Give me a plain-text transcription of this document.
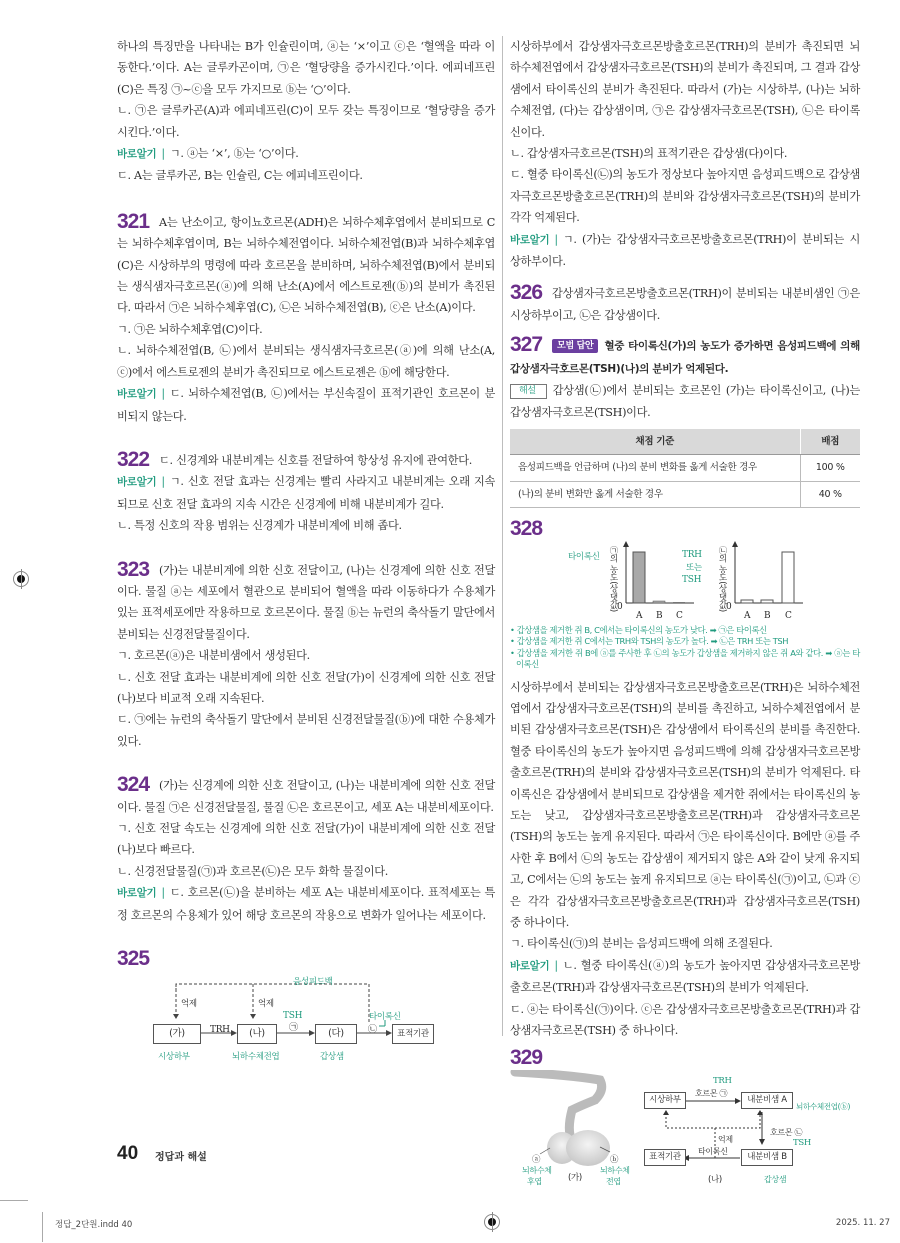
하나의 특징만을 나타내는 B가 인슐린이며, ⓐ는 ‘×’이고 ⓒ은 ‘혈액을 따라 이동한다.’이다. A는 글루카곤이며, ㉠은 ‘혈당량을 증가시킨다.’이다. 에피네프린(C)은 특징 ㉠~ⓒ을 모두 가지므로 ⓑ는 ‘○’이다.

ㄴ. ㉠은 글루카곤(A)과 에피네프린(C)이 모두 갖는 특징이므로 ‘혈당량을 증가시킨다.’이다.

바로알기 | ㄱ. ⓐ는 ‘×’, ⓑ는 ‘○’이다.

ㄷ. A는 글루카곤, B는 인슐린, C는 에피네프린이다.

321 A는 난소이고, 항이뇨호르몬(ADH)은 뇌하수체후엽에서 분비되므로 C는 뇌하수체후엽이며, B는 뇌하수체전엽이다. 뇌하수체전엽(B)과 뇌하수체후엽(C)은 시상하부의 명령에 따라 호르몬을 분비하며, 뇌하수체전엽(B)에서 분비되는 생식샘자극호르몬(ⓐ)에 의해 난소(A)에서 에스트로젠(ⓑ)의 분비가 촉진된다. 따라서 ㉠은 뇌하수체후엽(C), ㉡은 뇌하수체전엽(B), ⓒ은 난소(A)이다.

ㄱ. ㉠은 뇌하수체후엽(C)이다.

ㄴ. 뇌하수체전엽(B, ㉡)에서 분비되는 생식샘자극호르몬(ⓐ)에 의해 난소(A, ⓒ)에서 에스트로젠의 분비가 촉진되므로 에스트로젠은 ⓑ에 해당한다.

바로알기 | ㄷ. 뇌하수체전엽(B, ㉡)에서는 부신속질이 표적기관인 호르몬이 분비되지 않는다.

322 ㄷ. 신경계와 내분비계는 신호를 전달하여 항상성 유지에 관여한다.

바로알기 | ㄱ. 신호 전달 효과는 신경계는 빨리 사라지고 내분비계는 오래 지속되므로 신호 전달 효과의 지속 시간은 신경계에 비해 내분비계가 길다.

ㄴ. 특정 신호의 작용 범위는 신경계가 내분비계에 비해 좁다.

323 (가)는 내분비계에 의한 신호 전달이고, (나)는 신경계에 의한 신호 전달이다. 물질 ⓐ는 세포에서 혈관으로 분비되어 혈액을 따라 이동하다가 수용체가 있는 표적세포에만 작용하므로 호르몬이다. 물질 ⓑ는 뉴런의 축삭돌기 말단에서 분비되는 신경전달물질이다.

ㄱ. 호르몬(ⓐ)은 내분비샘에서 생성된다.

ㄴ. 신호 전달 효과는 내분비계에 의한 신호 전달(가)이 신경계에 의한 신호 전달(나)보다 비교적 오래 지속된다.

ㄷ. ㉠에는 뉴런의 축삭돌기 말단에서 분비된 신경전달물질(ⓑ)에 대한 수용체가 있다.

324 (가)는 신경계에 의한 신호 전달이고, (나)는 내분비계에 의한 신호 전달이다. 물질 ㉠은 신경전달물질, 물질 ㉡은 호르몬이고, 세포 A는 내분비세포이다.

ㄱ. 신호 전달 속도는 신경계에 의한 신호 전달(가)이 내분비계에 의한 신호 전달(나)보다 빠르다.

ㄴ. 신경전달물질(㉠)과 호르몬(㉡)은 모두 화학 물질이다.

바로알기 | ㄷ. 호르몬(㉡)을 분비하는 세포 A는 내분비세포이다. 표적세포는 특정 호르몬의 수용체가 있어 해당 호르몬의 작용으로 변화가 일어나는 세포이다.

325

음성피드백
억제	억제
(가)	(나)	(다)	표적기관
TRH
TSH
㉠	㉡
타이록신
시상하부	뇌하수체전엽	갑상샘

시상하부에서 갑상샘자극호르몬방출호르몬(TRH)의 분비가 촉진되면 뇌하수체전엽에서 갑상샘자극호르몬(TSH)의 분비가 촉진되며, 그 결과 갑상샘에서 타이록신의 분비가 촉진된다. 따라서 (가)는 시상하부, (나)는 뇌하수체전엽, (다)는 갑상샘이며, ㉠은 갑상샘자극호르몬(TSH), ㉡은 타이록신이다.

ㄴ. 갑상샘자극호르몬(TSH)의 표적기관은 갑상샘(다)이다.

ㄷ. 혈중 타이록신(㉡)의 농도가 정상보다 높아지면 음성피드백으로 갑상샘자극호르몬방출호르몬(TRH)의 분비와 갑상샘자극호르몬(TSH)의 분비가 각각 억제된다.

바로알기 | ㄱ. (가)는 갑상샘자극호르몬방출호르몬(TRH)이 분비되는 시상하부이다.

326 갑상샘자극호르몬방출호르몬(TRH)이 분비되는 내분비샘인 ㉠은 시상하부이고, ㉡은 갑상샘이다.

327 모범 답안 혈중 타이록신(가)의 농도가 증가하면 음성피드백에 의해 갑상샘자극호르몬(TSH)(나)의 분비가 억제된다.

해설 갑상샘(㉡)에서 분비되는 호르몬인 (가)는 타이록신이고, (나)는 갑상샘자극호르몬(TSH)이다.

채점 기준	배점
음성피드백을 언급하며 (나)의 분비 변화를 옳게 서술한 경우	100 %
(나)의 분비 변화만 옳게 서술한 경우	40 %

328

타이록신 ㉠의 농도(상댓값) 0
A B C
TRH
또는
TSH ㉡의 농도(상댓값) 0
A B C
• 갑상샘을 제거한 쥐 B, C에서는 타이록신의 농도가 낮다. ➡ ㉠은 타이록신
• 갑상샘을 제거한 쥐 C에서는 TRH와 TSH의 농도가 높다. ➡ ㉡은 TRH 또는 TSH
• 갑상샘을 제거한 쥐 B에 ⓐ를 주사한 후 ㉡의 농도가 갑상샘을 제거하지 않은 쥐 A와 같다. ➡ ⓐ는 타이록신

시상하부에서 분비되는 갑상샘자극호르몬방출호르몬(TRH)은 뇌하수체전엽에서 갑상샘자극호르몬(TSH)의 분비를 촉진하고, 뇌하수체전엽에서 분비된 갑상샘자극호르몬(TSH)은 갑상샘에서 타이록신의 분비를 촉진한다. 혈중 타이록신의 농도가 높아지면 음성피드백에 의해 갑상샘자극호르몬방출호르몬(TRH)의 분비와 갑상샘자극호르몬(TSH)의 분비가 억제된다. 타이록신은 갑상샘에서 분비되므로 갑상샘을 제거한 쥐에서는 타이록신의 농도는 낮고, 갑상샘자극호르몬방출호르몬(TRH)과 갑상샘자극호르몬(TSH)의 농도는 높게 유지된다. 따라서 ㉠은 타이록신이다. B에만 ⓐ를 주사한 후 B에서 ㉡의 농도는 갑상샘이 제거되지 않은 A와 같이 낮게 유지되고, C에서는 ㉡의 농도는 높게 유지되므로 ⓐ는 타이록신(㉠)이고, ㉡과 ⓒ은 각각 갑상샘자극호르몬방출호르몬(TRH)과 갑상샘자극호르몬(TSH) 중 하나이다.

ㄱ. 타이록신(㉠)의 분비는 음성피드백에 의해 조절된다.

바로알기 | ㄴ. 혈중 타이록신(ⓐ)의 농도가 높아지면 갑상샘자극호르몬방출호르몬(TRH)과 갑상샘자극호르몬(TSH)의 분비가 억제된다.

ㄷ. ⓐ는 타이록신(㉠)이다. ⓒ은 갑상샘자극호르몬방출호르몬(TRH)과 갑상샘자극호르몬(TSH) 중 하나이다.

329

ⓐ	ⓑ
뇌하수체
후엽
뇌하수체
전엽
(가)
시상하부	내분비샘 A
내분비샘 B
표적기관
TRH
호르몬 ㉠
호르몬 ㉡
TSH
뇌하수체전엽(ⓑ)
갑상샘
억제
타이록신
(나)
40 정답과 해설
정답_2단원.indd 40	2025. 11. 27
